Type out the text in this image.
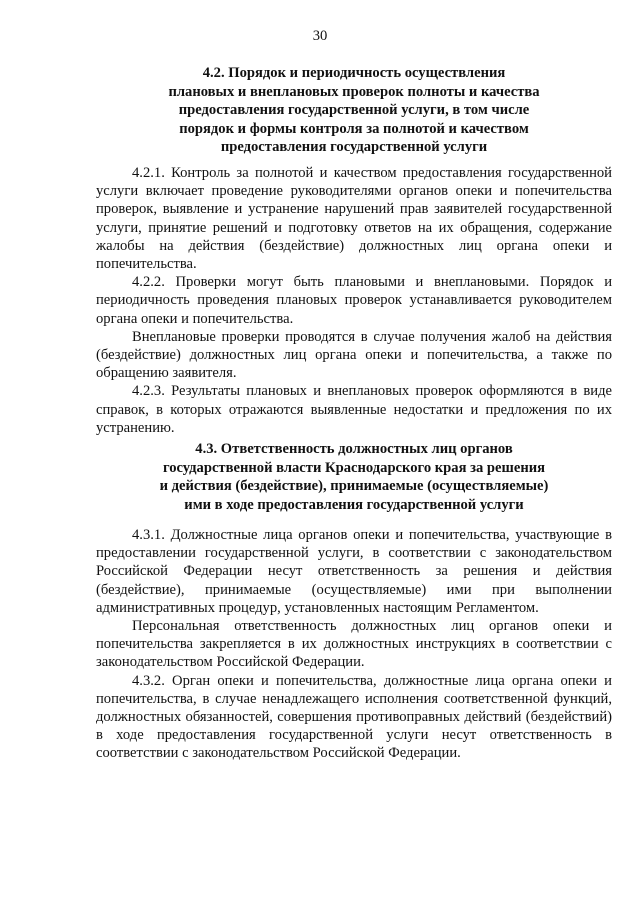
30
4.2. Порядок и периодичность осуществления
плановых и внеплановых проверок полноты и качества
предоставления государственной услуги, в том числе
порядок и формы контроля за полнотой и качеством
предоставления государственной услуги

4.2.1. Контроль за полнотой и качеством предоставления государственной услуги включает проведение руководителями органов опеки и попечительства проверок, выявление и устранение нарушений прав заявителей государственной услуги, принятие решений и подготовку ответов на их обращения, содержание жалобы на действия (бездействие) должностных лиц органа опеки и попечительства.

4.2.2. Проверки могут быть плановыми и внеплановыми. Порядок и периодичность проведения плановых проверок устанавливается руководителем органа опеки и попечительства.

Внеплановые проверки проводятся в случае получения жалоб на действия (бездействие) должностных лиц органа опеки и попечительства, а также по обращению заявителя.

4.2.3. Результаты плановых и внеплановых проверок оформляются в виде справок, в которых отражаются выявленные недостатки и предложения по их устранению.

4.3. Ответственность должностных лиц органов
государственной власти Краснодарского края за решения
и действия (бездействие), принимаемые (осуществляемые)
ими в ходе предоставления государственной услуги

4.3.1. Должностные лица органов опеки и попечительства, участвующие в предоставлении государственной услуги, в соответствии с законодательством Российской Федерации несут ответственность за решения и действия (бездействие), принимаемые (осуществляемые) ими при выполнении административных процедур, установленных настоящим Регламентом.

Персональная ответственность должностных лиц органов опеки и попечительства закрепляется в их должностных инструкциях в соответствии с законодательством Российской Федерации.

4.3.2. Орган опеки и попечительства, должностные лица органа опеки и попечительства, в случае ненадлежащего исполнения соответственной функций, должностных обязанностей, совершения противоправных действий (бездействий) в ходе предоставления государственной услуги несут ответственность в соответствии с законодательством Российской Федерации.
